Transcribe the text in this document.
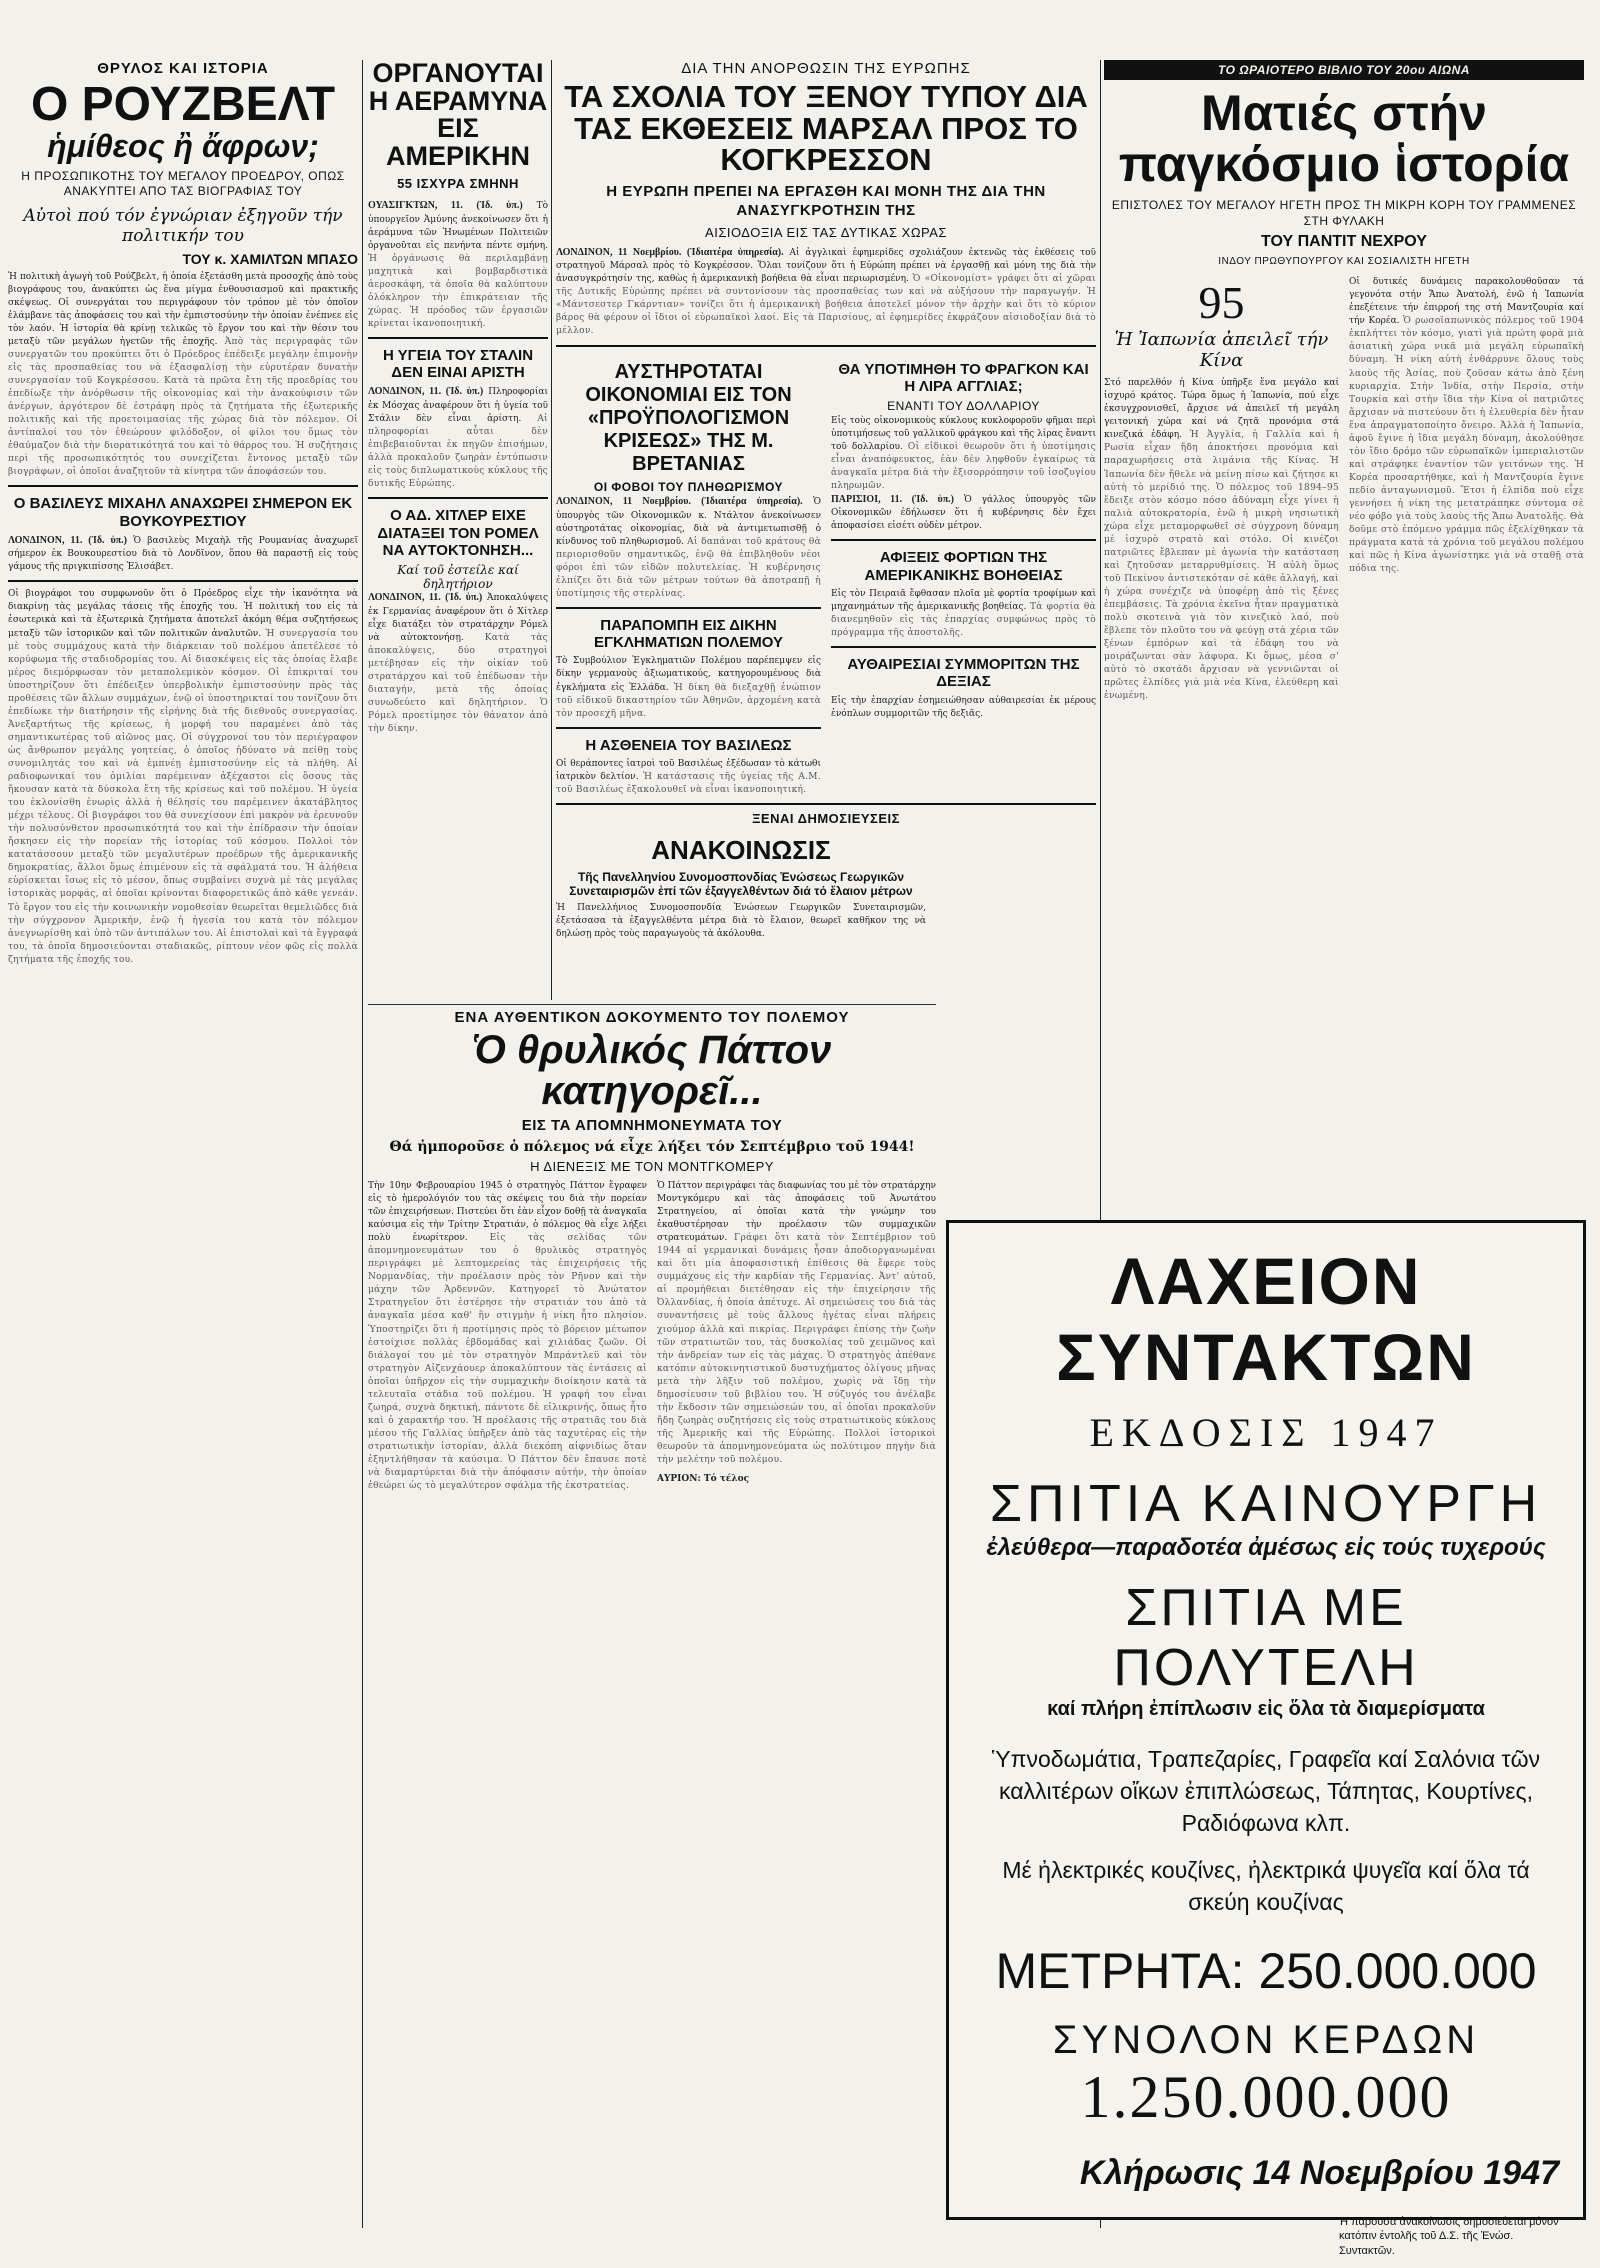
ΘΡΥΛΟΣ ΚΑΙ ΙΣΤΟΡΙΑ
Ο ΡΟΥΖΒΕΛΤ
ἡμίθεος ἢ ἄφρων;
Η ΠΡΟΣΩΠΙΚΟΤΗΣ ΤΟΥ ΜΕΓΑΛΟΥ ΠΡΟΕΔΡΟΥ, ΟΠΩΣ ΑΝΑΚΥΠΤΕΙ ΑΠΟ ΤΑΣ ΒΙΟΓΡΑΦΙΑΣ ΤΟΥ
Αὐτοὶ πού τόν ἐγνώριαν ἐξηγοῦν τήν πολιτικήν του
ΤΟΥ κ. ΧΑΜΙΛΤΩΝ ΜΠΑΣΟ
Ἡ πολιτικὴ ἀγωγὴ τοῦ Ρούζβελτ, ἡ ὁποία ἐξετάσθη μετὰ προσοχῆς ἀπὸ τοὺς βιογράφους του, ἀνακύπτει ὡς ἕνα μίγμα ἐνθουσιασμοῦ καὶ πρακτικῆς σκέψεως. Οἱ συνεργάται του περιγράφουν τὸν τρόπον μὲ τὸν ὁποῖον ἐλάμβανε τὰς ἀποφάσεις του καὶ τὴν ἐμπιστοσύνην τὴν ὁποίαν ἐνέπνεε εἰς τὸν λαόν. Ἡ ἱστορία θὰ κρίνῃ τελικῶς τὸ ἔργον του καὶ τὴν θέσιν του μεταξὺ τῶν μεγάλων ἡγετῶν τῆς ἐποχῆς. Ἀπὸ τὰς περιγραφὰς τῶν συνεργατῶν του προκύπτει ὅτι ὁ Πρόεδρος ἐπέδειξε μεγάλην ἐπιμονὴν εἰς τὰς προσπαθείας του νὰ ἐξασφαλίσῃ τὴν εὐρυτέραν δυνατὴν συνεργασίαν τοῦ Κογκρέσσου. Κατὰ τὰ πρῶτα ἔτη τῆς προεδρίας του ἐπεδίωξε τὴν ἀνόρθωσιν τῆς οἰκονομίας καὶ τὴν ἀνακούφισιν τῶν ἀνέργων, ἀργότερον δὲ ἐστράφη πρὸς τὰ ζητήματα τῆς ἐξωτερικῆς πολιτικῆς καὶ τῆς προετοιμασίας τῆς χώρας διὰ τὸν πόλεμον. Οἱ ἀντίπαλοί του τὸν ἐθεώρουν φιλόδοξον, οἱ φίλοι του ὅμως τὸν ἐθαύμαζον διὰ τὴν διορατικότητά του καὶ τὸ θάρρος του. Ἡ συζήτησις περὶ τῆς προσωπικότητός του συνεχίζεται ἔντονος μεταξὺ τῶν βιογράφων, οἱ ὁποῖοι ἀναζητοῦν τὰ κίνητρα τῶν ἀποφάσεών του.
Ο ΒΑΣΙΛΕΥΣ ΜΙΧΑΗΛ ΑΝΑΧΩΡΕΙ ΣΗΜΕΡΟΝ ΕΚ ΒΟΥΚΟΥΡΕΣΤΙΟΥ
ΛΟΝΔΙΝΟΝ, 11. (Ἰδ. ὑπ.) Ὁ βασιλεὺς Μιχαὴλ τῆς Ρουμανίας ἀναχωρεῖ σήμερον ἐκ Βουκουρεστίου διὰ τὸ Λονδῖνον, ὅπου θὰ παραστῇ εἰς τοὺς γάμους τῆς πριγκιπίσσης Ἐλισάβετ.
Οἱ βιογράφοι του συμφωνοῦν ὅτι ὁ Πρόεδρος εἶχε τὴν ἱκανότητα νὰ διακρίνῃ τὰς μεγάλας τάσεις τῆς ἐποχῆς του. Ἡ πολιτική του εἰς τὰ ἐσωτερικὰ καὶ τὰ ἐξωτερικὰ ζητήματα ἀποτελεῖ ἀκόμη θέμα συζητήσεως μεταξὺ τῶν ἱστορικῶν καὶ τῶν πολιτικῶν ἀναλυτῶν. Ἡ συνεργασία του μὲ τοὺς συμμάχους κατὰ τὴν διάρκειαν τοῦ πολέμου ἀπετέλεσε τὸ κορύφωμα τῆς σταδιοδρομίας του. Αἱ διασκέψεις εἰς τὰς ὁποίας ἔλαβε μέρος διεμόρφωσαν τὸν μεταπολεμικὸν κόσμον. Οἱ ἐπικριταί του ὑποστηρίζουν ὅτι ἐπέδειξεν ὑπερβολικὴν ἐμπιστοσύνην πρὸς τὰς προθέσεις τῶν ἄλλων συμμάχων, ἐνῷ οἱ ὑποστηρικταί του τονίζουν ὅτι ἐπεδίωκε τὴν διατήρησιν τῆς εἰρήνης διὰ τῆς διεθνοῦς συνεργασίας. Ἀνεξαρτήτως τῆς κρίσεως, ἡ μορφή του παραμένει ἀπὸ τὰς σημαντικωτέρας τοῦ αἰῶνος μας. Οἱ σύγχρονοί του τὸν περιέγραφον ὡς ἄνθρωπον μεγάλης γοητείας, ὁ ὁποῖος ἠδύνατο νὰ πείθῃ τοὺς συνομιλητάς του καὶ νὰ ἐμπνέῃ ἐμπιστοσύνην εἰς τὰ πλήθη. Αἱ ραδιοφωνικαί του ὁμιλίαι παρέμειναν ἀξέχαστοι εἰς ὅσους τὰς ἤκουσαν κατὰ τὰ δύσκολα ἔτη τῆς κρίσεως καὶ τοῦ πολέμου. Ἡ ὑγεία του ἐκλονίσθη ἐνωρὶς ἀλλὰ ἡ θέλησίς του παρέμεινεν ἀκατάβλητος μέχρι τέλους. Οἱ βιογράφοι του θὰ συνεχίσουν ἐπὶ μακρὸν νὰ ἐρευνοῦν τὴν πολυσύνθετον προσωπικότητά του καὶ τὴν ἐπίδρασιν τὴν ὁποίαν ἤσκησεν εἰς τὴν πορείαν τῆς ἱστορίας τοῦ κόσμου. Πολλοὶ τὸν κατατάσσουν μεταξὺ τῶν μεγαλυτέρων προέδρων τῆς ἀμερικανικῆς δημοκρατίας, ἄλλοι ὅμως ἐπιμένουν εἰς τὰ σφάλματά του. Ἡ ἀλήθεια εὑρίσκεται ἴσως εἰς τὸ μέσον, ὅπως συμβαίνει συχνὰ μὲ τὰς μεγάλας ἱστορικὰς μορφάς, αἱ ὁποῖαι κρίνονται διαφορετικῶς ἀπὸ κάθε γενεάν. Τὸ ἔργον του εἰς τὴν κοινωνικὴν νομοθεσίαν θεωρεῖται θεμελιῶδες διὰ τὴν σύγχρονον Ἀμερικήν, ἐνῷ ἡ ἡγεσία του κατὰ τὸν πόλεμον ἀνεγνωρίσθη καὶ ὑπὸ τῶν ἀντιπάλων του. Αἱ ἐπιστολαὶ καὶ τὰ ἔγγραφά του, τὰ ὁποῖα δημοσιεύονται σταδιακῶς, ρίπτουν νέον φῶς εἰς πολλὰ ζητήματα τῆς ἐποχῆς του.
ΟΡΓΑΝΟΥΤΑΙ Η ΑΕΡΑΜΥΝΑ ΕΙΣ ΑΜΕΡΙΚΗΝ
55 ΙΣΧΥΡΑ ΣΜΗΝΗ
ΟΥΑΣΙΓΚΤΩΝ, 11. (Ἰδ. ὑπ.) Τὸ ὑπουργεῖον Ἀμύνης ἀνεκοίνωσεν ὅτι ἡ ἀεράμυνα τῶν Ἡνωμένων Πολιτειῶν ὀργανοῦται εἰς πενήντα πέντε σμήνη. Ἡ ὀργάνωσις θὰ περιλαμβάνῃ μαχητικὰ καὶ βομβαρδιστικὰ ἀεροσκάφη, τὰ ὁποῖα θὰ καλύπτουν ὁλόκληρον τὴν ἐπικράτειαν τῆς χώρας. Ἡ πρόοδος τῶν ἐργασιῶν κρίνεται ἱκανοποιητική.
Η ΥΓΕΙΑ ΤΟΥ ΣΤΑΛΙΝ ΔΕΝ ΕΙΝΑΙ ΑΡΙΣΤΗ
ΛΟΝΔΙΝΟΝ, 11. (Ἰδ. ὑπ.) Πληροφορίαι ἐκ Μόσχας ἀναφέρουν ὅτι ἡ ὑγεία τοῦ Στάλιν δὲν εἶναι ἀρίστη. Αἱ πληροφορίαι αὗται δὲν ἐπιβεβαιοῦνται ἐκ πηγῶν ἐπισήμων, ἀλλὰ προκαλοῦν ζωηρὰν ἐντύπωσιν εἰς τοὺς διπλωματικοὺς κύκλους τῆς δυτικῆς Εὐρώπης.
Ο ΑΔ. ΧΙΤΛΕΡ ΕΙΧΕ ΔΙΑΤΑΞΕΙ ΤΟΝ ΡΟΜΕΛ ΝΑ ΑΥΤΟΚΤΟΝΗΣΗ...
Καί τοῦ ἐστείλε καί δηλητήριον
ΛΟΝΔΙΝΟΝ, 11. (Ἰδ. ὑπ.) Ἀποκαλύψεις ἐκ Γερμανίας ἀναφέρουν ὅτι ὁ Χίτλερ εἶχε διατάξει τὸν στρατάρχην Ρόμελ νὰ αὐτοκτονήσῃ. Κατὰ τὰς ἀποκαλύψεις, δύο στρατηγοὶ μετέβησαν εἰς τὴν οἰκίαν τοῦ στρατάρχου καὶ τοῦ ἐπέδωσαν τὴν διαταγήν, μετὰ τῆς ὁποίας συνωδεύετο καὶ δηλητήριον. Ὁ Ρόμελ προετίμησε τὸν θάνατον ἀπὸ τὴν δίκην.
ΔΙΑ ΤΗΝ ΑΝΟΡΘΩΣΙΝ ΤΗΣ ΕΥΡΩΠΗΣ
ΤΑ ΣΧΟΛΙΑ ΤΟΥ ΞΕΝΟΥ ΤΥΠΟΥ ΔΙΑ ΤΑΣ ΕΚΘΕΣΕΙΣ ΜΑΡΣΑΛ ΠΡΟΣ ΤΟ ΚΟΓΚΡΕΣΣΟΝ
Η ΕΥΡΩΠΗ ΠΡΕΠΕΙ ΝΑ ΕΡΓΑΣΘΗ ΚΑΙ ΜΟΝΗ ΤΗΣ ΔΙΑ ΤΗΝ ΑΝΑΣΥΓΚΡΟΤΗΣΙΝ ΤΗΣ
ΑΙΣΙΟΔΟΞΙΑ ΕΙΣ ΤΑΣ ΔΥΤΙΚΑΣ ΧΩΡΑΣ
ΛΟΝΔΙΝΟΝ, 11 Νοεμβρίου. (Ἰδιαιτέρα ὑπηρεσία). Αἱ ἀγγλικαὶ ἐφημερίδες σχολιάζουν ἐκτενῶς τὰς ἐκθέσεις τοῦ στρατηγοῦ Μάρσαλ πρὸς τὸ Κογκρέσσον. Ὅλαι τονίζουν ὅτι ἡ Εὐρώπη πρέπει νὰ ἐργασθῇ καὶ μόνη της διὰ τὴν ἀνασυγκρότησίν της, καθὼς ἡ ἀμερικανικὴ βοήθεια θὰ εἶναι περιωρισμένη. Ὁ «Οἰκονομίστ» γράφει ὅτι αἱ χῶραι τῆς Δυτικῆς Εὐρώπης πρέπει νὰ συντονίσουν τὰς προσπαθείας των καὶ νὰ αὐξήσουν τὴν παραγωγήν. Ἡ «Μάντσεστερ Γκάρντιαν» τονίζει ὅτι ἡ ἀμερικανικὴ βοήθεια ἀποτελεῖ μόνον τὴν ἀρχὴν καὶ ὅτι τὸ κύριον βάρος θὰ φέρουν οἱ ἴδιοι οἱ εὐρωπαϊκοὶ λαοί. Εἰς τὰ Παρισίους, αἱ ἐφημερίδες ἐκφράζουν αἰσιοδοξίαν διὰ τὸ μέλλον.
ΑΥΣΤΗΡΟΤΑΤΑΙ ΟΙΚΟΝΟΜΙΑΙ ΕΙΣ ΤΟΝ «ΠΡΟΫΠΟΛΟΓΙΣΜΟΝ ΚΡΙΣΕΩΣ» ΤΗΣ Μ. ΒΡΕΤΑΝΙΑΣ
ΟΙ ΦΟΒΟΙ ΤΟΥ ΠΛΗΘΩΡΙΣΜΟΥ
ΛΟΝΔΙΝΟΝ, 11 Νοεμβρίου. (Ἰδιαιτέρα ὑπηρεσία). Ὁ ὑπουργὸς τῶν Οἰκονομικῶν κ. Ντάλτον ἀνεκοίνωσεν αὐστηροτάτας οἰκονομίας, διὰ νὰ ἀντιμετωπισθῇ ὁ κίνδυνος τοῦ πληθωρισμοῦ. Αἱ δαπάναι τοῦ κράτους θὰ περιορισθοῦν σημαντικῶς, ἐνῷ θὰ ἐπιβληθοῦν νέοι φόροι ἐπὶ τῶν εἰδῶν πολυτελείας. Ἡ κυβέρνησις ἐλπίζει ὅτι διὰ τῶν μέτρων τούτων θὰ ἀποτραπῇ ἡ ὑποτίμησις τῆς στερλίνας.
ΠΑΡΑΠΟΜΠΗ ΕΙΣ ΔΙΚΗΝ ΕΓΚΛΗΜΑΤΙΩΝ ΠΟΛΕΜΟΥ
Τὸ Συμβούλιον Ἐγκληματιῶν Πολέμου παρέπεμψεν εἰς δίκην γερμανοὺς ἀξιωματικούς, κατηγορουμένους διὰ ἐγκλήματα εἰς Ἑλλάδα. Ἡ δίκη θὰ διεξαχθῇ ἐνώπιον τοῦ εἰδικοῦ δικαστηρίου τῶν Ἀθηνῶν, ἀρχομένη κατὰ τὸν προσεχῆ μῆνα.
Η ΑΣΘΕΝΕΙΑ ΤΟΥ ΒΑΣΙΛΕΩΣ
Οἱ θεράποντες ἰατροὶ τοῦ Βασιλέως ἐξέδωσαν τὸ κάτωθι ἰατρικὸν δελτίον. Ἡ κατάστασις τῆς ὑγείας τῆς Α.Μ. τοῦ Βασιλέως ἐξακολουθεῖ νὰ εἶναι ἱκανοποιητική.
ΘΑ ΥΠΟΤΙΜΗΘΗ ΤΟ ΦΡΑΓΚΟΝ ΚΑΙ Η ΛΙΡΑ ΑΓΓΛΙΑΣ;
ΕΝΑΝΤΙ ΤΟΥ ΔΟΛΛΑΡΙΟΥ
Εἰς τοὺς οἰκονομικοὺς κύκλους κυκλοφοροῦν φῆμαι περὶ ὑποτιμήσεως τοῦ γαλλικοῦ φράγκου καὶ τῆς λίρας ἔναντι τοῦ δολλαρίου. Οἱ εἰδικοὶ θεωροῦν ὅτι ἡ ὑποτίμησις εἶναι ἀναπόφευκτος, ἐὰν δὲν ληφθοῦν ἐγκαίρως τὰ ἀναγκαῖα μέτρα διὰ τὴν ἐξισορρόπησιν τοῦ ἰσοζυγίου πληρωμῶν.
ΠΑΡΙΣΙΟΙ, 11. (Ἰδ. ὑπ.) Ὁ γάλλος ὑπουργὸς τῶν Οἰκονομικῶν ἐδήλωσεν ὅτι ἡ κυβέρνησις δὲν ἔχει ἀποφασίσει εἰσέτι οὐδὲν μέτρον.
ΑΦΙΞΕΙΣ ΦΟΡΤΙΩΝ ΤΗΣ ΑΜΕΡΙΚΑΝΙΚΗΣ ΒΟΗΘΕΙΑΣ
Εἰς τὸν Πειραιᾶ ἔφθασαν πλοῖα μὲ φορτία τροφίμων καὶ μηχανημάτων τῆς ἀμερικανικῆς βοηθείας. Τὰ φορτία θὰ διανεμηθοῦν εἰς τὰς ἐπαρχίας συμφώνως πρὸς τὸ πρόγραμμα τῆς ἀποστολῆς.
ΑΥΘΑΙΡΕΣΙΑΙ ΣΥΜΜΟΡΙΤΩΝ ΤΗΣ ΔΕΞΙΑΣ
Εἰς τὴν ἐπαρχίαν ἐσημειώθησαν αὐθαιρεσίαι ἐκ μέρους ἐνόπλων συμμοριτῶν τῆς δεξιᾶς.
ΞΕΝΑΙ ΔΗΜΟΣΙΕΥΣΕΙΣ
ΑΝΑΚΟΙΝΩΣΙΣ
Τῆς Πανελληνίου Συνομοσπονδίας Ἑνώσεως Γεωργικῶν Συνεταιρισμῶν ἐπί τῶν ἐξαγγελθέντων διά τό ἔλαιον μέτρων
Ἡ Πανελλήνιος Συνομοσπονδία Ἑνώσεων Γεωργικῶν Συνεταιρισμῶν, ἐξετάσασα τὰ ἐξαγγελθέντα μέτρα διὰ τὸ ἔλαιον, θεωρεῖ καθῆκον της νὰ δηλώσῃ πρὸς τοὺς παραγωγοὺς τὰ ἀκόλουθα.
ΕΝΑ ΑΥΘΕΝΤΙΚΟΝ ΔΟΚΟΥΜΕΝΤΟ ΤΟΥ ΠΟΛΕΜΟΥ
Ὁ θρυλικός Πάττον κατηγορεῖ...
ΕΙΣ ΤΑ ΑΠΟΜΝΗΜΟΝΕΥΜΑΤΑ ΤΟΥ
Θά ἠμποροῦσε ὁ πόλεμος νά εἶχε λήξει τόν Σεπτέμβριο τοῦ 1944!
Η ΔΙΕΝΕΞΙΣ ΜΕ ΤΟΝ ΜΟΝΤΓΚΟΜΕΡΥ
Τὴν 10ην Φεβρουαρίου 1945 ὁ στρατηγὸς Πάττον ἔγραφεν εἰς τὸ ἡμερολόγιόν του τὰς σκέψεις του διὰ τὴν πορείαν τῶν ἐπιχειρήσεων. Πιστεύει ὅτι ἐὰν εἶχον δοθῇ τὰ ἀναγκαῖα καύσιμα εἰς τὴν Τρίτην Στρατιάν, ὁ πόλεμος θὰ εἶχε λήξει πολὺ ἐνωρίτερον. Εἰς τὰς σελίδας τῶν ἀπομνημονευμάτων του ὁ θρυλικὸς στρατηγὸς περιγράφει μὲ λεπτομερείας τὰς ἐπιχειρήσεις τῆς Νορμανδίας, τὴν προέλασιν πρὸς τὸν Ρῆνον καὶ τὴν μάχην τῶν Ἀρδεννῶν. Κατηγορεῖ τὸ Ἀνώτατον Στρατηγεῖον ὅτι ἐστέρησε τὴν στρατιάν του ἀπὸ τὰ ἀναγκαῖα μέσα καθ' ἣν στιγμὴν ἡ νίκη ἦτο πλησίον. Ὑποστηρίζει ὅτι ἡ προτίμησις πρὸς τὸ βόρειον μέτωπον ἐστοίχισε πολλὰς ἑβδομάδας καὶ χιλιάδας ζωῶν. Οἱ διάλογοί του μὲ τὸν στρατηγὸν Μπράντλεϋ καὶ τὸν στρατηγὸν Αἰζενχάουερ ἀποκαλύπτουν τὰς ἐντάσεις αἱ ὁποῖαι ὑπῆρχον εἰς τὴν συμμαχικὴν διοίκησιν κατὰ τὰ τελευταῖα στάδια τοῦ πολέμου. Ἡ γραφή του εἶναι ζωηρά, συχνὰ δηκτική, πάντοτε δὲ εἰλικρινής, ὅπως ἦτο καὶ ὁ χαρακτήρ του. Ἡ προέλασις τῆς στρατιᾶς του διὰ μέσου τῆς Γαλλίας ὑπῆρξεν ἀπὸ τὰς ταχυτέρας εἰς τὴν στρατιωτικὴν ἱστορίαν, ἀλλὰ διεκόπη αἰφνιδίως ὅταν ἐξηντλήθησαν τὰ καύσιμα. Ὁ Πάττον δὲν ἔπαυσε ποτὲ νὰ διαμαρτύρεται διὰ τὴν ἀπόφασιν αὐτήν, τὴν ὁποίαν ἐθεώρει ὡς τὸ μεγαλύτερον σφάλμα τῆς ἐκστρατείας.
Ὁ Πάττον περιγράφει τὰς διαφωνίας του μὲ τὸν στρατάρχην Μοντγκόμερυ καὶ τὰς ἀποφάσεις τοῦ Ἀνωτάτου Στρατηγείου, αἱ ὁποῖαι κατὰ τὴν γνώμην του ἐκαθυστέρησαν τὴν προέλασιν τῶν συμμαχικῶν στρατευμάτων. Γράφει ὅτι κατὰ τὸν Σεπτέμβριον τοῦ 1944 αἱ γερμανικαὶ δυνάμεις ἦσαν ἀποδιοργανωμέναι καὶ ὅτι μία ἀποφασιστικὴ ἐπίθεσις θὰ ἔφερε τοὺς συμμάχους εἰς τὴν καρδίαν τῆς Γερμανίας. Ἀντ' αὐτοῦ, αἱ προμήθειαι διετέθησαν εἰς τὴν ἐπιχείρησιν τῆς Ὀλλανδίας, ἡ ὁποία ἀπέτυχε. Αἱ σημειώσεις του διὰ τὰς συναντήσεις μὲ τοὺς ἄλλους ἡγέτας εἶναι πλήρεις χιούμορ ἀλλὰ καὶ πικρίας. Περιγράφει ἐπίσης τὴν ζωὴν τῶν στρατιωτῶν του, τὰς δυσκολίας τοῦ χειμῶνος καὶ τὴν ἀνδρείαν των εἰς τὰς μάχας. Ὁ στρατηγὸς ἀπέθανε κατόπιν αὐτοκινητιστικοῦ δυστυχήματος ὀλίγους μῆνας μετὰ τὴν λῆξιν τοῦ πολέμου, χωρὶς νὰ ἴδῃ τὴν δημοσίευσιν τοῦ βιβλίου του. Ἡ σύζυγός του ἀνέλαβε τὴν ἔκδοσιν τῶν σημειώσεών του, αἱ ὁποῖαι προκαλοῦν ἤδη ζωηρὰς συζητήσεις εἰς τοὺς στρατιωτικοὺς κύκλους τῆς Ἀμερικῆς καὶ τῆς Εὐρώπης. Πολλοὶ ἱστορικοὶ θεωροῦν τὰ ἀπομνημονεύματα ὡς πολύτιμον πηγὴν διὰ τὴν μελέτην τοῦ πολέμου.
ΑΥΡΙΟΝ: Τό τέλος
ΤΟ ΩΡΑΙΟΤΕΡΟ ΒΙΒΛΙΟ ΤΟΥ 20ου ΑΙΩΝΑ
Ματιές στήν παγκόσμιο ἱστορία
ΕΠΙΣΤΟΛΕΣ ΤΟΥ ΜΕΓΑΛΟΥ ΗΓΕΤΗ ΠΡΟΣ ΤΗ ΜΙΚΡΗ ΚΟΡΗ ΤΟΥ ΓΡΑΜΜΕΝΕΣ ΣΤΗ ΦΥΛΑΚΗ
ΤΟΥ ΠΑΝΤΙΤ ΝΕΧΡΟΥ
ΙΝΔΟΥ ΠΡΩΘΥΠΟΥΡΓΟΥ ΚΑΙ ΣΟΣΙΑΛΙΣΤΗ ΗΓΕΤΗ
95
Ἡ Ἰαπωνία ἀπειλεῖ τήν Κίνα
Στό παρελθόν ἡ Κίνα ὑπῆρξε ἕνα μεγάλο καί ἰσχυρό κράτος. Τώρα ὅμως ἡ Ἰαπωνία, πού εἶχε ἐκσυγχρονισθεῖ, ἄρχισε νά ἀπειλεῖ τή μεγάλη γειτονική χώρα καί νά ζητᾶ προνόμια στά κινεζικά ἐδάφη. Ἡ Ἀγγλία, ἡ Γαλλία καὶ ἡ Ρωσία εἶχαν ἤδη ἀποκτήσει προνόμια καὶ παραχωρήσεις στὰ λιμάνια τῆς Κίνας. Ἡ Ἰαπωνία δὲν ἤθελε νὰ μείνῃ πίσω καὶ ζήτησε κι αὐτὴ τὸ μερίδιό της. Ὁ πόλεμος τοῦ 1894–95 ἔδειξε στὸν κόσμο πόσο ἀδύναμη εἶχε γίνει ἡ παλιὰ αὐτοκρατορία, ἐνῶ ἡ μικρὴ νησιωτικὴ χώρα εἶχε μεταμορφωθεῖ σὲ σύγχρονη δύναμη μὲ ἰσχυρὸ στρατὸ καὶ στόλο. Οἱ κινέζοι πατριῶτες ἔβλεπαν μὲ ἀγωνία τὴν κατάσταση καὶ ζητοῦσαν μεταρρυθμίσεις. Ἡ αὐλὴ ὅμως τοῦ Πεκίνου ἀντιστεκόταν σὲ κάθε ἀλλαγή, καὶ ἡ χώρα συνέχιζε νὰ ὑποφέρῃ ἀπὸ τὶς ξένες ἐπεμβάσεις. Τὰ χρόνια ἐκεῖνα ἦταν πραγματικὰ πολὺ σκοτεινὰ γιὰ τὸν κινεζικὸ λαό, ποὺ ἔβλεπε τὸν πλοῦτο του νὰ φεύγῃ στὰ χέρια τῶν ξένων ἐμπόρων καὶ τὰ ἐδάφη του νὰ μοιράζωνται σὰν λάφυρα. Κι ὅμως, μέσα σ' αὐτὸ τὸ σκοτάδι ἄρχισαν νὰ γεννιῶνται οἱ πρῶτες ἐλπίδες γιὰ μιὰ νέα Κίνα, ἐλεύθερη καὶ ἑνωμένη.
Οἱ δυτικές δυνάμεις παρακολουθοῦσαν τά γεγονότα στήν Ἄπω Ἀνατολή, ἐνῶ ἡ Ἰαπωνία ἐπεξέτεινε τήν ἐπιρροή της στή Μαντζουρία καί τήν Κορέα. Ὁ ρωσοϊαπωνικὸς πόλεμος τοῦ 1904 ἐκπλήττει τὸν κόσμο, γιατὶ γιὰ πρώτη φορὰ μιὰ ἀσιατικὴ χώρα νικᾶ μιὰ μεγάλη εὐρωπαϊκὴ δύναμη. Ἡ νίκη αὐτὴ ἐνθάρρυνε ὅλους τοὺς λαοὺς τῆς Ἀσίας, ποὺ ζοῦσαν κάτω ἀπὸ ξένη κυριαρχία. Στὴν Ἰνδία, στὴν Περσία, στὴν Τουρκία καὶ στὴν ἴδια τὴν Κίνα οἱ πατριῶτες ἄρχισαν νὰ πιστεύουν ὅτι ἡ ἐλευθερία δὲν ἦταν ἕνα ἀπραγματοποίητο ὄνειρο. Ἀλλὰ ἡ Ἰαπωνία, ἀφοῦ ἔγινε ἡ ἴδια μεγάλη δύναμη, ἀκολούθησε τὸν ἴδιο δρόμο τῶν εὐρωπαϊκῶν ἰμπεριαλιστῶν καὶ στράφηκε ἐναντίον τῶν γειτόνων της. Ἡ Κορέα προσαρτήθηκε, καὶ ἡ Μαντζουρία ἔγινε πεδίο ἀνταγωνισμοῦ. Ἔτσι ἡ ἐλπίδα ποὺ εἶχε γεννήσει ἡ νίκη της μετατράπηκε σύντομα σὲ νέο φόβο γιὰ τοὺς λαοὺς τῆς Ἄπω Ἀνατολῆς. Θὰ δοῦμε στὸ ἑπόμενο γράμμα πῶς ἐξελίχθηκαν τὰ πράγματα κατὰ τὰ χρόνια τοῦ μεγάλου πολέμου καὶ πῶς ἡ Κίνα ἀγωνίστηκε γιὰ νὰ σταθῇ στὰ πόδια της.
ΛΑΧΕΙΟΝ ΣΥΝΤΑΚΤΩΝ
ΕΚΔΟΣΙΣ 1947
ΣΠΙΤΙΑ ΚΑΙΝΟΥΡΓΗ
ἐλεύθερα—παραδοτέα ἀμέσως εἰς τούς τυχερούς
ΣΠΙΤΙΑ ΜΕ ΠΟΛΥΤΕΛΗ
καί πλήρη ἐπίπλωσιν εἰς ὅλα τὰ διαμερίσματα
Ὑπνοδωμάτια, Τραπεζαρίες, Γραφεῖα καί Σαλόνια τῶν καλλιτέρων οἴκων ἐπιπλώσεως, Τάπητας, Κουρτίνες, Ραδιόφωνα κλπ.
Μέ ἠλεκτρικές κουζίνες, ἠλεκτρικά ψυγεῖα καί ὅλα τά σκεύη κουζίνας
ΜΕΤΡΗΤΑ: 250.000.000
ΣΥΝΟΛΟΝ ΚΕΡΔΩΝ
1.250.000.000
Κλήρωσις 14 Νοεμβρίου 1947
Ἡ παροῦσα ἀνακοίνωσις δημοσιεύεται μόνον κατόπιν ἐντολῆς τοῦ Δ.Σ. τῆς Ἑνώσ. Συντακτῶν.
